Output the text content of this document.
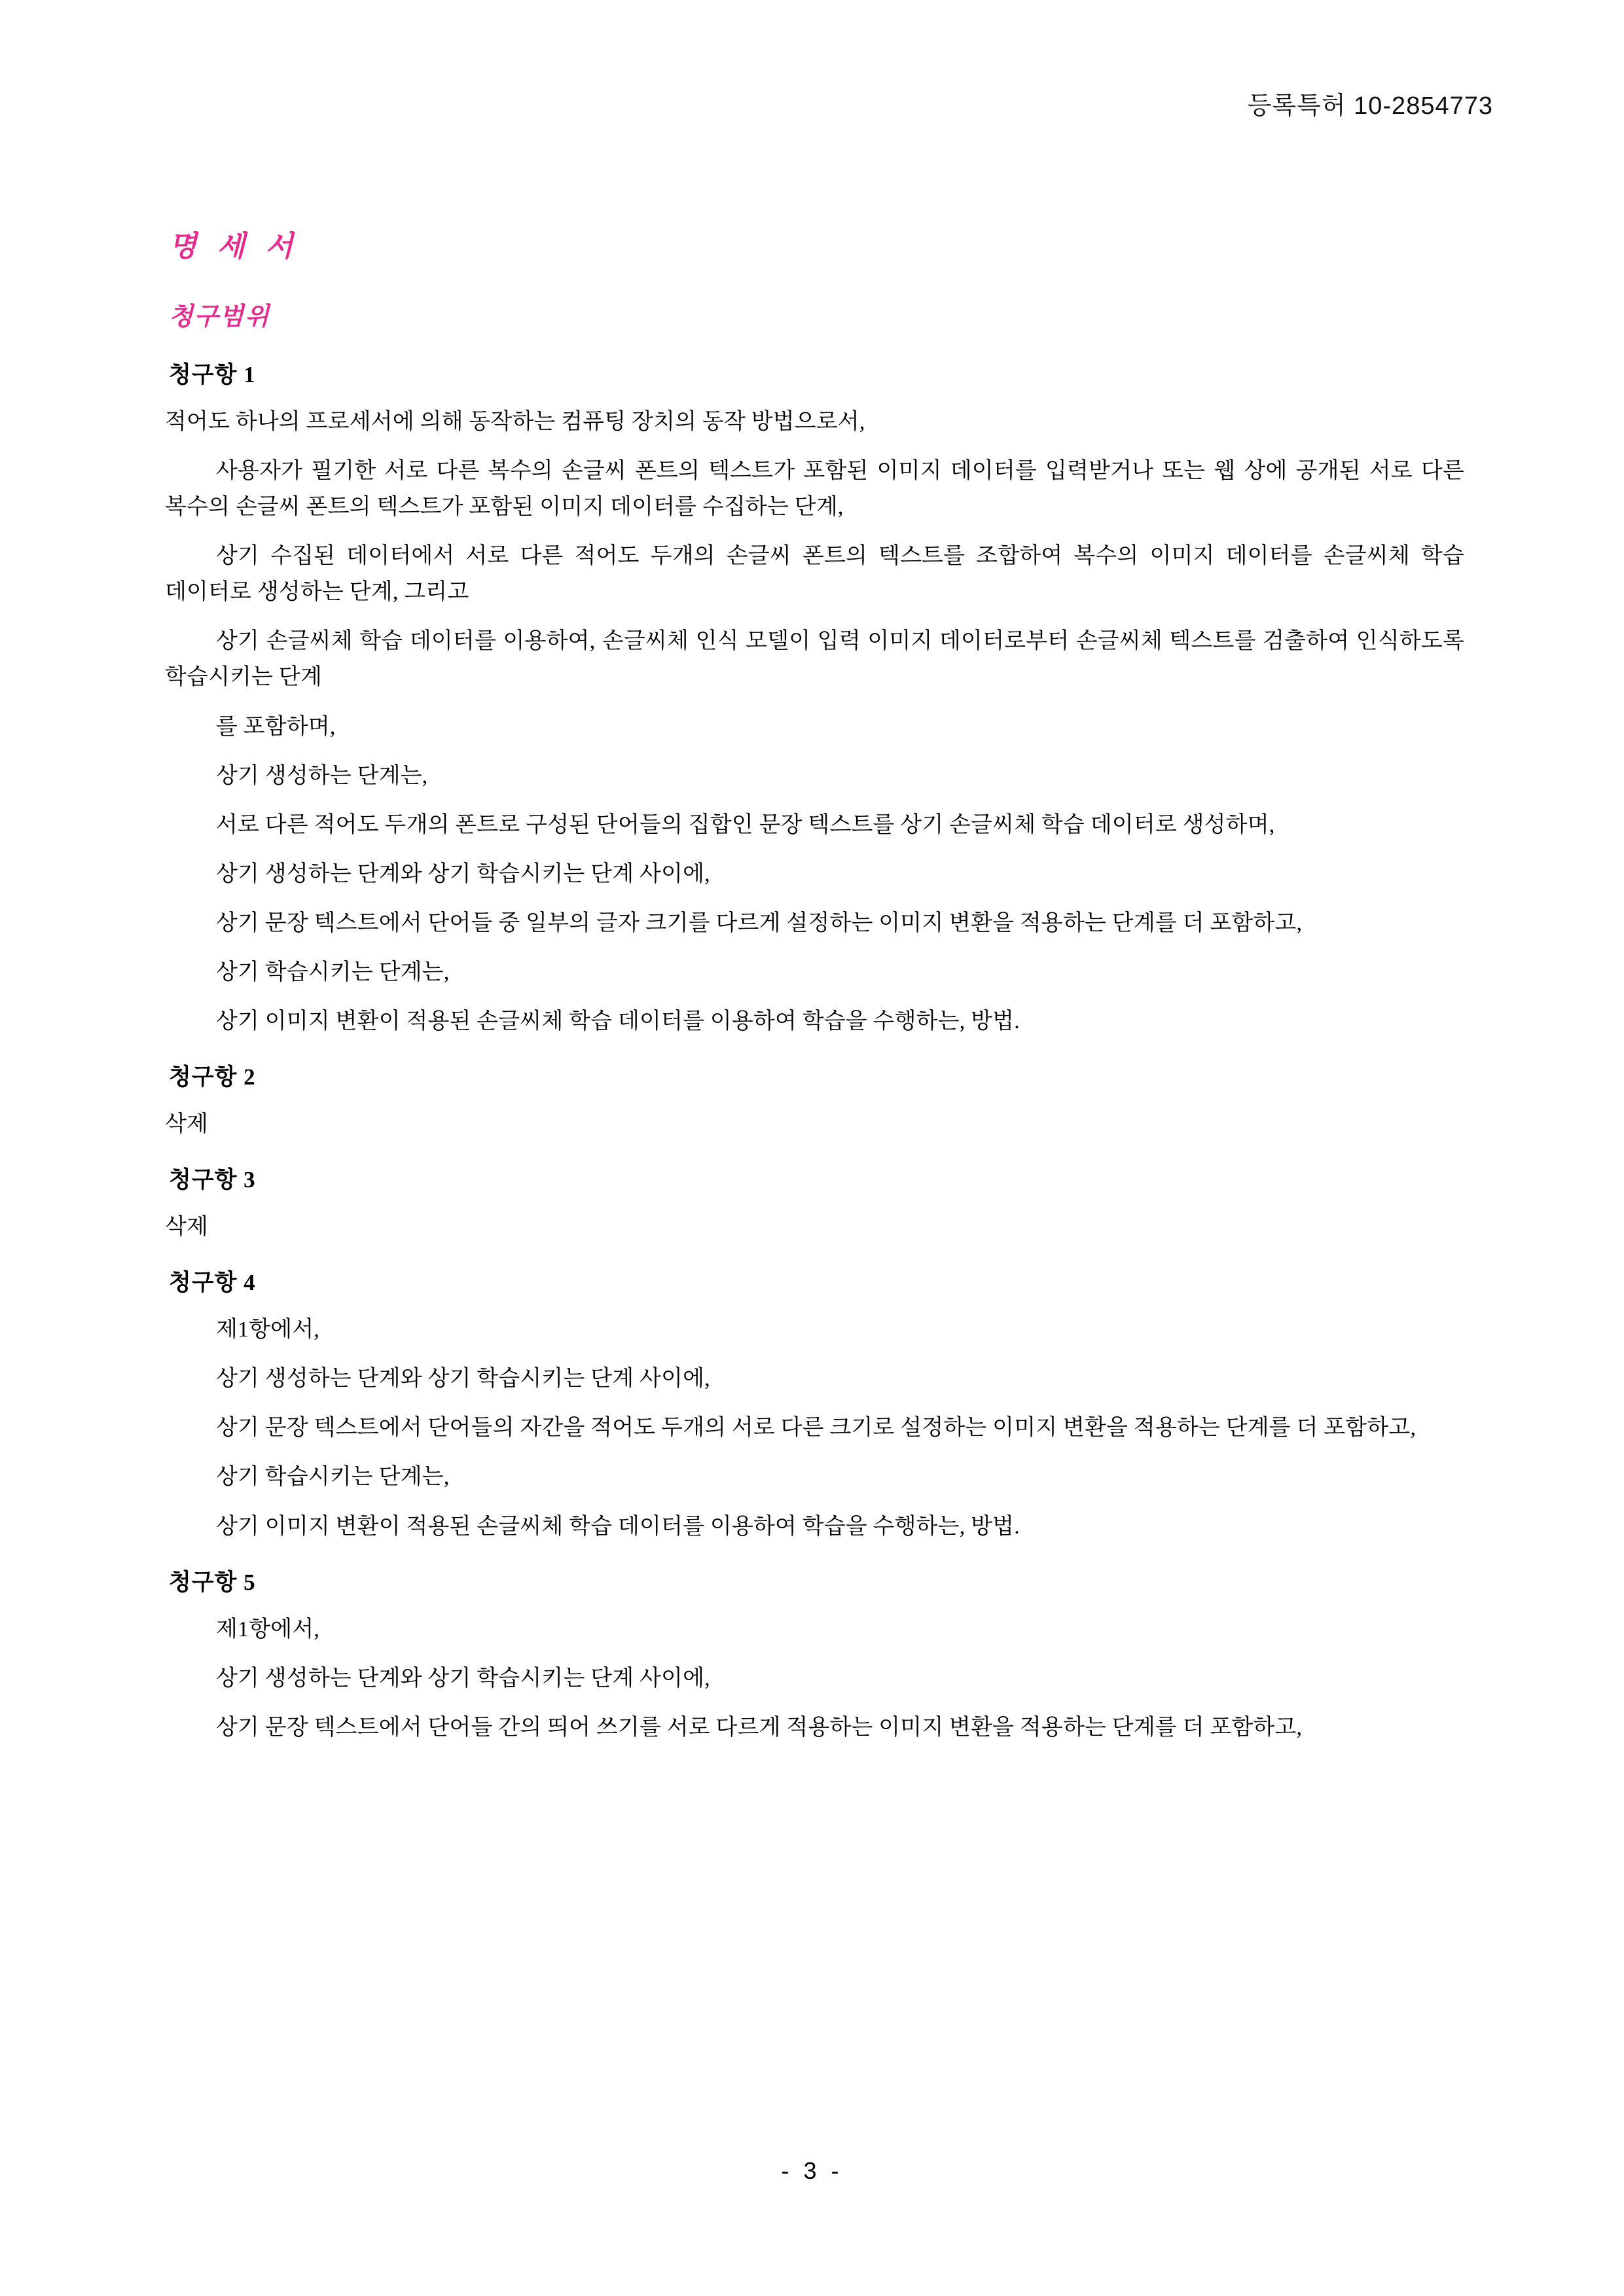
등록특허 10-2854773
명 세 서
청구범위
청구항 1

적어도 하나의 프로세서에 의해 동작하는 컴퓨팅 장치의 동작 방법으로서,

사용자가 필기한 서로 다른 복수의 손글씨 폰트의 텍스트가 포함된 이미지 데이터를 입력받거나 또는 웹 상에 공개된 서로 다른 복수의 손글씨 폰트의 텍스트가 포함된 이미지 데이터를 수집하는 단계,

상기 수집된 데이터에서 서로 다른 적어도 두개의 손글씨 폰트의 텍스트를 조합하여 복수의 이미지 데이터를 손글씨체 학습 데이터로 생성하는 단계, 그리고

상기 손글씨체 학습 데이터를 이용하여, 손글씨체 인식 모델이 입력 이미지 데이터로부터 손글씨체 텍스트를 검출하여 인식하도록 학습시키는 단계

를 포함하며,

상기 생성하는 단계는,

서로 다른 적어도 두개의 폰트로 구성된 단어들의 집합인 문장 텍스트를 상기 손글씨체 학습 데이터로 생성하며,

상기 생성하는 단계와 상기 학습시키는 단계 사이에,

상기 문장 텍스트에서 단어들 중 일부의 글자 크기를 다르게 설정하는 이미지 변환을 적용하는 단계를 더 포함하고,

상기 학습시키는 단계는,

상기 이미지 변환이 적용된 손글씨체 학습 데이터를 이용하여 학습을 수행하는, 방법.

청구항 2

삭제

청구항 3

삭제

청구항 4

제1항에서,

상기 생성하는 단계와 상기 학습시키는 단계 사이에,

상기 문장 텍스트에서 단어들의 자간을 적어도 두개의 서로 다른 크기로 설정하는 이미지 변환을 적용하는 단계를 더 포함하고,

상기 학습시키는 단계는,

상기 이미지 변환이 적용된 손글씨체 학습 데이터를 이용하여 학습을 수행하는, 방법.

청구항 5

제1항에서,

상기 생성하는 단계와 상기 학습시키는 단계 사이에,

상기 문장 텍스트에서 단어들 간의 띄어 쓰기를 서로 다르게 적용하는 이미지 변환을 적용하는 단계를 더 포함하고,

- 3 -
